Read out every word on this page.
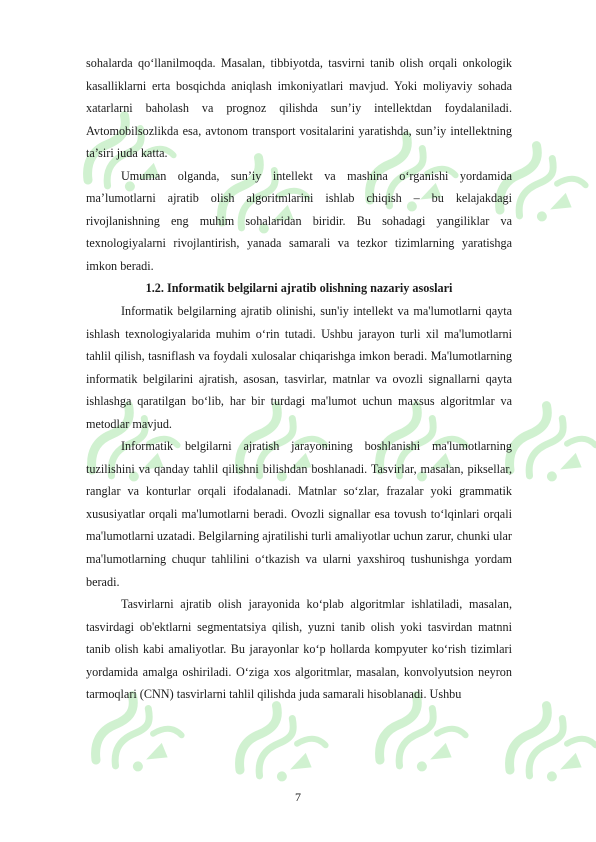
sohalarda qo‘llanilmoqda. Masalan, tibbiyotda, tasvirni tanib olish orqali onkologik kasalliklarni erta bosqichda aniqlash imkoniyatlari mavjud. Yoki moliyaviy sohada xatarlarni baholash va prognoz qilishda sun’iy intellektdan foydalaniladi. Avtomobilsozlikda esa, avtonom transport vositalarini yaratishda, sun’iy intellektning ta’siri juda katta.

Umuman olganda, sun’iy intellekt va mashina o‘rganishi yordamida ma’lumotlarni ajratib olish algoritmlarini ishlab chiqish – bu kelajakdagi rivojlanishning eng muhim sohalaridan biridir. Bu sohadagi yangiliklar va texnologiyalarni rivojlantirish, yanada samarali va tezkor tizimlarning yaratishga imkon beradi.

1.2. Informatik belgilarni ajratib olishning nazariy asoslari

Informatik belgilarning ajratib olinishi, sun'iy intellekt va ma'lumotlarni qayta ishlash texnologiyalarida muhim o‘rin tutadi. Ushbu jarayon turli xil ma'lumotlarni tahlil qilish, tasniflash va foydali xulosalar chiqarishga imkon beradi. Ma'lumotlarning informatik belgilarini ajratish, asosan, tasvirlar, matnlar va ovozli signallarni qayta ishlashga qaratilgan bo‘lib, har bir turdagi ma'lumot uchun maxsus algoritmlar va metodlar mavjud.

Informatik belgilarni ajratish jarayonining boshlanishi ma'lumotlarning tuzilishini va qanday tahlil qilishni bilishdan boshlanadi. Tasvirlar, masalan, piksellar, ranglar va konturlar orqali ifodalanadi. Matnlar so‘zlar, frazalar yoki grammatik xususiyatlar orqali ma'lumotlarni beradi. Ovozli signallar esa tovush to‘lqinlari orqali ma'lumotlarni uzatadi. Belgilarning ajratilishi turli amaliyotlar uchun zarur, chunki ular ma'lumotlarning chuqur tahlilini o‘tkazish va ularni yaxshiroq tushunishga yordam beradi.

Tasvirlarni ajratib olish jarayonida ko‘plab algoritmlar ishlatiladi, masalan, tasvirdagi ob'ektlarni segmentatsiya qilish, yuzni tanib olish yoki tasvirdan matnni tanib olish kabi amaliyotlar. Bu jarayonlar ko‘p hollarda kompyuter ko‘rish tizimlari yordamida amalga oshiriladi. O‘ziga xos algoritmlar, masalan, konvolyutsion neyron tarmoqlari (CNN) tasvirlarni tahlil qilishda juda samarali hisoblanadi. Ushbu

7
